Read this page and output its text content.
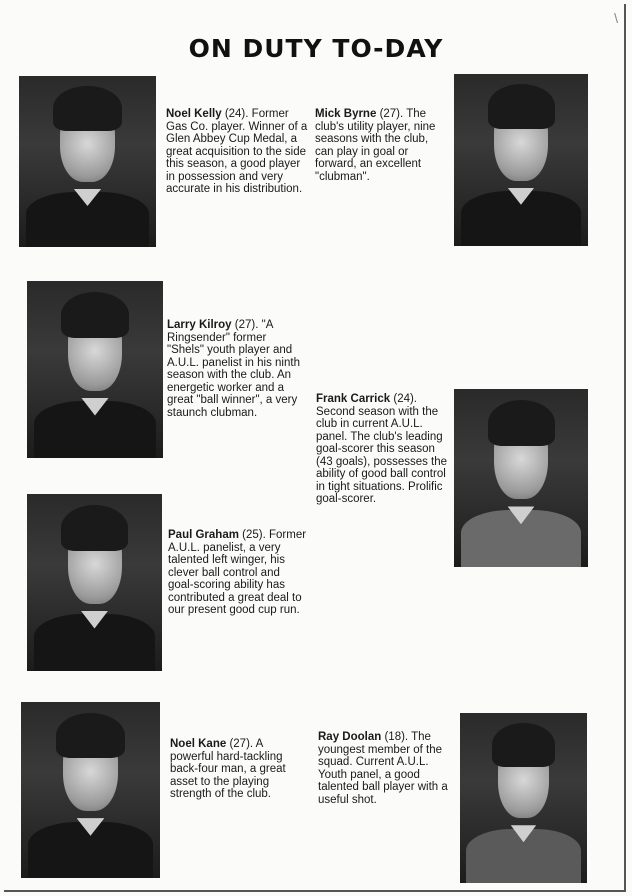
\
ON DUTY TO-DAY
Noel Kelly (24). Former Gas Co. player. Winner of a Glen Abbey Cup Medal, a great acquisition to the side this season, a good player in possession and very accurate in his distribution.
Mick Byrne (27). The club's utility player, nine seasons with the club, can play in goal or forward, an excellent "clubman".
Larry Kilroy (27). "A Ringsender" former "Shels" youth player and A.U.L. panelist in his ninth season with the club. An energetic worker and a great "ball winner", a very staunch clubman.
Frank Carrick (24). Second season with the club in current A.U.L. panel. The club's leading goal-scorer this season (43 goals), possesses the ability of good ball control in tight situations. Prolific goal-scorer.
Paul Graham (25). Former A.U.L. panelist, a very talented left winger, his clever ball control and goal-scoring ability has contributed a great deal to our present good cup run.
Noel Kane (27). A powerful hard-tackling back-four man, a great asset to the playing strength of the club.
Ray Doolan (18). The youngest member of the squad. Current A.U.L. Youth panel, a good talented ball player with a useful shot.
